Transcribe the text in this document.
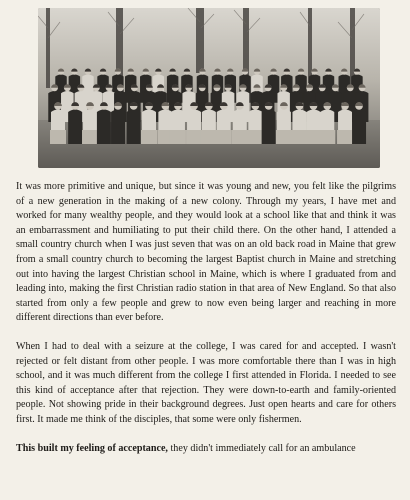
It was more primitive and unique, but since it was young and new, you felt like the pilgrims of a new generation in the making of a new colony. Through my years, I have met and worked for many wealthy people, and they would look at a school like that and think it was an embarrassment and humiliating to put their child there. On the other hand, I attended a small country church when I was just seven that was on an old back road in Maine that grew from a small country church to becoming the largest Baptist church in Maine and stretching out into having the largest Christian school in Maine, which is where I graduated from and leading into, making the first Christian radio station in that area of New England. So that also started from only a few people and grew to now even being larger and reaching in more different directions than ever before.

When I had to deal with a seizure at the college, I was cared for and accepted. I wasn't rejected or felt distant from other people. I was more comfortable there than I was in high school, and it was much different from the college I first attended in Florida. I needed to see this kind of acceptance after that rejection. They were down-to-earth and family-oriented people. Not showing pride in their background degrees. Just open hearts and care for others first. It made me think of the disciples, that some were only fishermen.

This built my feeling of acceptance, they didn't immediately call for an ambulance
